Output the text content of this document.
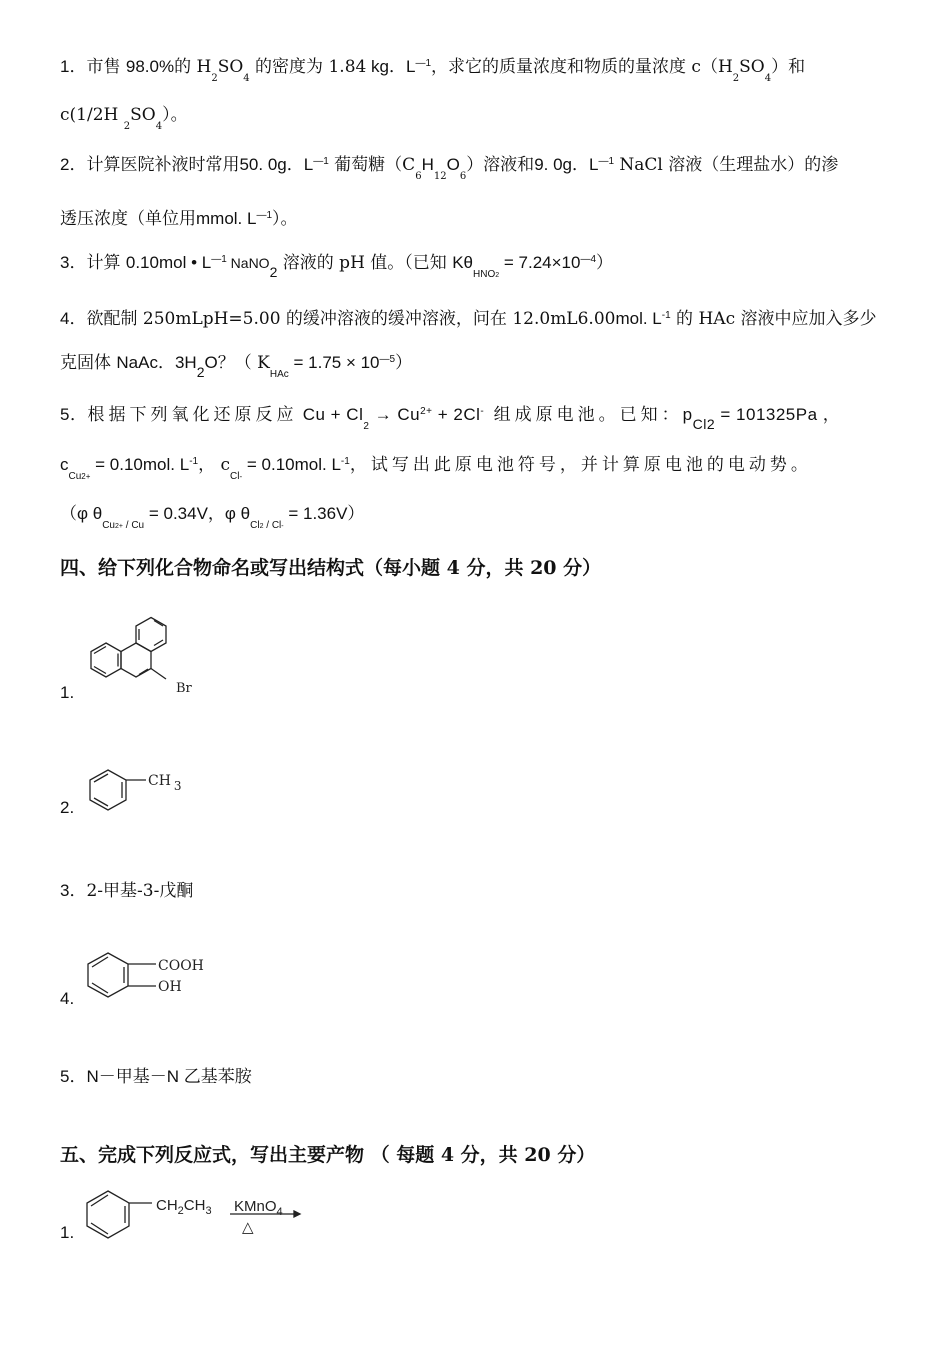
1．市售 98.0%的 $H_2SO_4$ 的密度为 1.84 kg．$L^{—1}$，求它的质量浓度和物质的量浓度 $c(H_2SO_4)$和
c(1/2H $_2SO_4$）。
2．计算医院补液时常用50. 0g．$L^{—1}$ 葡萄糖$(C_6H_{12}O_6)$溶液和9. 0g．$L^{—1}$ NaCl 溶液（生理盐水）的渗
透压浓度（单位用mmol. $L^{—1}$）。
3．计算 0.10mol • $L^{—1}$ NaNO$_2$ 溶液的 pH 值。（已知 $K\theta_{HNO2} = 7.24\times 10^{—4}$）
4．欲配制 250mLpH=5.00 的缓冲溶液的缓冲溶液，问在 12.0mL6.00mol. $L^{-1}$ 的 HAc 溶液中应加入多少
克固体 NaAc．$3H_2O$？（ $K_{HAc} = 1.75 \times 10^{—5}$）
5．根据下列氧化还原反应 $Cu + Cl_2 \to Cu^{2+} + 2Cl^-$ 组成原电池。已知：$p_{Cl2} = 101325Pa$ ，
$c_{Cu2+} = 0.10mol$. $L^{-1}$， $c_{Cl-} = 0.10mol$. $L^{-1}$，试写出此原电池符号，并计算原电池的电动势。
（φ $\theta_{Cu2+}$ $_{/ Cu}$ = 0.34V，φ $\theta_{Cl2}$ $_{/ Cl-}$ = 1.36V）
四、给下列化合物命名或写出结构式（每小题 4 分，共 20 分）
1.	Br
2.
CH 3
3．2-甲基-3-戊酮
4.
COOH
OH
5．N－甲基－N 乙基苯胺
五、完成下列反应式，写出主要产物 （ 每题 4 分，共 20 分）
1.
$CH_2CH_3$ KMnO$_4$
△
